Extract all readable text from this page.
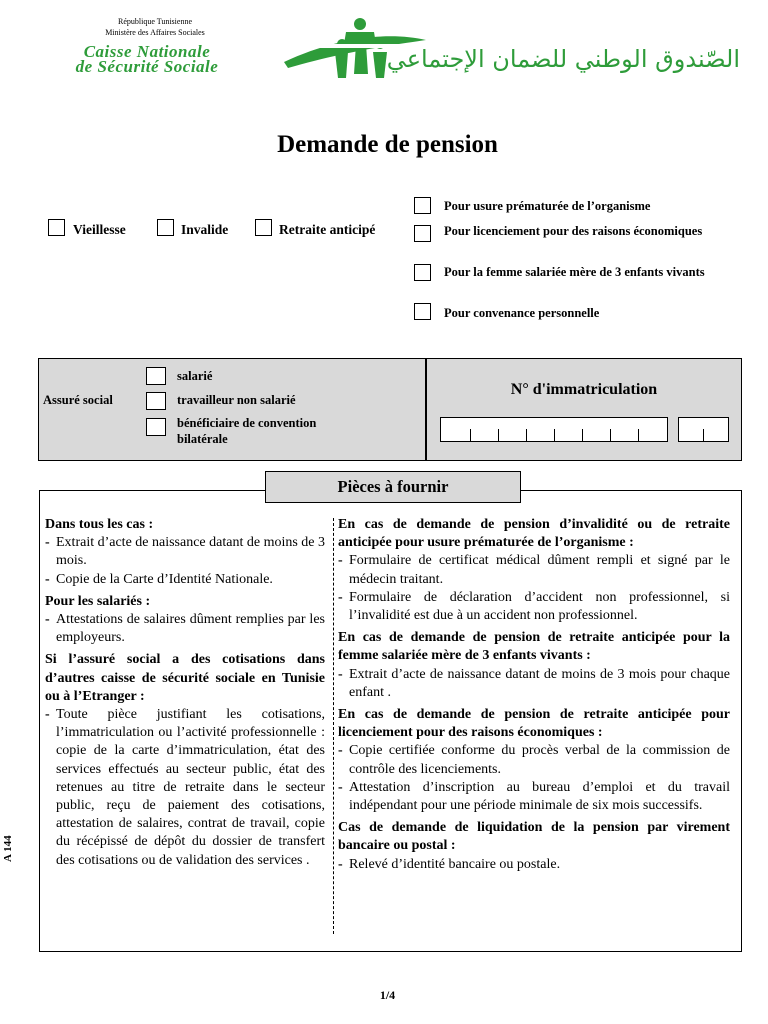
République Tunisienne
Ministère des Affaires Sociales
Caisse Nationale
de Sécurité Sociale	الصّندوق الوطني للضمان الإجتماعي
Demande de pension
Vieillesse	Invalide	Retraite anticipé
Pour usure prématurée de l’organisme
Pour licenciement pour des raisons économiques
Pour la femme salariée mère de 3 enfants vivants
Pour convenance personnelle
Assuré social
salarié
travailleur non salarié
bénéficiaire de convention bilatérale
N° d'immatriculation
Pièces à fournir

Dans tous les cas :

- Extrait d’acte de naissance datant de moins de 3 mois.
- Copie de la Carte d’Identité Nationale.

Pour les salariés :

- Attestations de salaires dûment remplies par les employeurs.

Si l’assuré social a des cotisations dans d’autres caisse de sécurité sociale en Tunisie ou à l’Etranger :

- Toute pièce justifiant les cotisations, l’immatriculation ou l’activité professionnelle : copie de la carte d’immatriculation, état des services effectués au secteur public, état des retenues au titre de retraite dans le secteur public, reçu de paiement des cotisations, attestation de salaires, contrat de travail, copie du récépissé de dépôt du dossier de transfert des cotisations ou de validation des services .

En cas de demande de pension d’invalidité ou de retraite anticipée pour usure prématurée de l’organisme :

- Formulaire de certificat médical dûment rempli et signé par le médecin traitant.
- Formulaire de déclaration d’accident non professionnel, si l’invalidité est due à un accident non professionnel.

En cas de demande de pension de retraite anticipée pour la femme salariée mère de 3 enfants vivants :

- Extrait d’acte de naissance datant de moins de 3 mois pour chaque enfant .

En cas de demande de pension de retraite anticipée pour licenciement pour des raisons économiques :

- Copie certifiée conforme du procès verbal de la commission de contrôle des licenciements.
- Attestation d’inscription au bureau d’emploi et du travail indépendant pour une période minimale de six mois successifs.

Cas de demande de liquidation de la pension par virement bancaire ou postal :

- Relevé d’identité bancaire ou postale.
A 144
1/4
